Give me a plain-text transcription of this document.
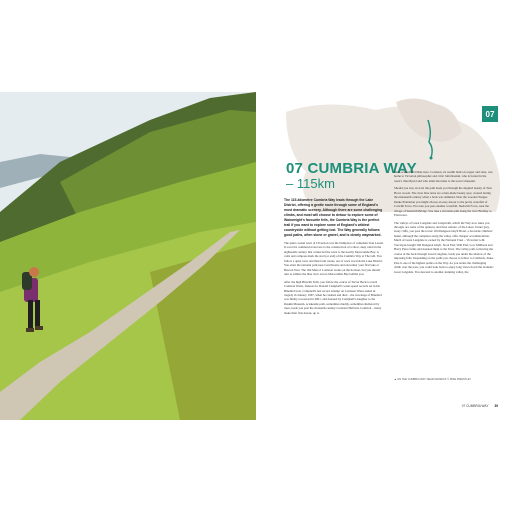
07
07 CUMBRIA WAY
– 115km

The 115-kilometre Cumbria Way leads through the Lake District, offering a gentle route through some of England's most dramatic scenery. Although there are some challenging climbs, and most will choose to detour to explore some of Wainwright's favourite fells, the Cumbria Way is the perfect trail if you want to explore some of England's wildest countryside without getting lost. The Way generally follows good paths, often stone or gravel, and is clearly waymarked.

The quiet coastal town of Ulverston was the birthplace of comedian Stan Laurel. It owed its commercial success to the construction of a short, deep canal in the eighteenth century that connected the town to the nearby Morecambe Bay. A cairn and compass mark the start (or end) of the Cumbria Way at The Gill. You follow a quiet road, and then farm tracks, out of town towards the Lake District. You enter the national park near Gawthwaite and encounter your first lake at Beacon Tarn. The Old Man of Coniston looms on the horizon, but you should turn to admire the blue view across Morecambe Bay behind you.

After the high Blawith Fells, you follow the course of Torver Beck to reach Coniston Water, famous for Donald Campbell's water-speed records set in his Bluebird boat. Campbell's last record attempt on Coniston Water ended in tragedy in January 1967, when he crashed and died – the wreckage of Bluebird was finally recovered in 2001, and donated by Campbell's daughter to the Ruskin Museum. A lakeside path, sometimes muddy, sometimes sheltered by trees, leads you past the sixteenth-century Coniston Hall into Coniston – many make their first detour, up to

mine-scarred Old Man, here. Coniston, its wealth built on copper and slate, was home to Victorian philosopher and critic John Ruskin, who is buried in the town's churchyard and who lends his name to the town's museum.

Should you stay on trail, the path leads you through the dappled beauty of Tarn Hows woods. The clear blue tarns are a man-made beauty spot, created during the nineteenth century when a beck was dammed. Near the wooded Tongue Intake Plantation you might choose an easy detour to the pretty waterfall of Colwith Force. En route you pass another waterfall, Skelwith Force, near the village of Skelwith Bridge. You take a riverside path along the river Brathay to Elterwater.

The valleys of Great Langdale and Langstrath, which the Way now takes you through, are some of the quietest, and most remote, of the Lakes. Under grey, stony cliffs, you pass the iconic Old Dungeon Ghyll Hotel, a favourite climbers' haunt, although the campsites along the valley offer cheaper accommodation. Much of Great Langdale is owned by the National Trust – Victorian G.M. Trevelyan bought Old Dungeon Ghyll, Stool End, Wall End, Low Millbeck and Harry Place farms and donated them to the Trust. The valley path, following the course of the beck through Great Langdale, leads you under the shadow of the imposing fells. Depending on the paths you choose to follow to Caldbeck, Stake Pass is one of the highest points on the Way. As you tackle the challenging climb over the pass, you could look back to enjoy long views down the dramatic Great Langdale. You descend to another stunning valley, the

▲ ON THE CUMBRIA WAY NEAR KESWICK © MIKE PRIESTLEY
07 CUMBRIA WAY 39
